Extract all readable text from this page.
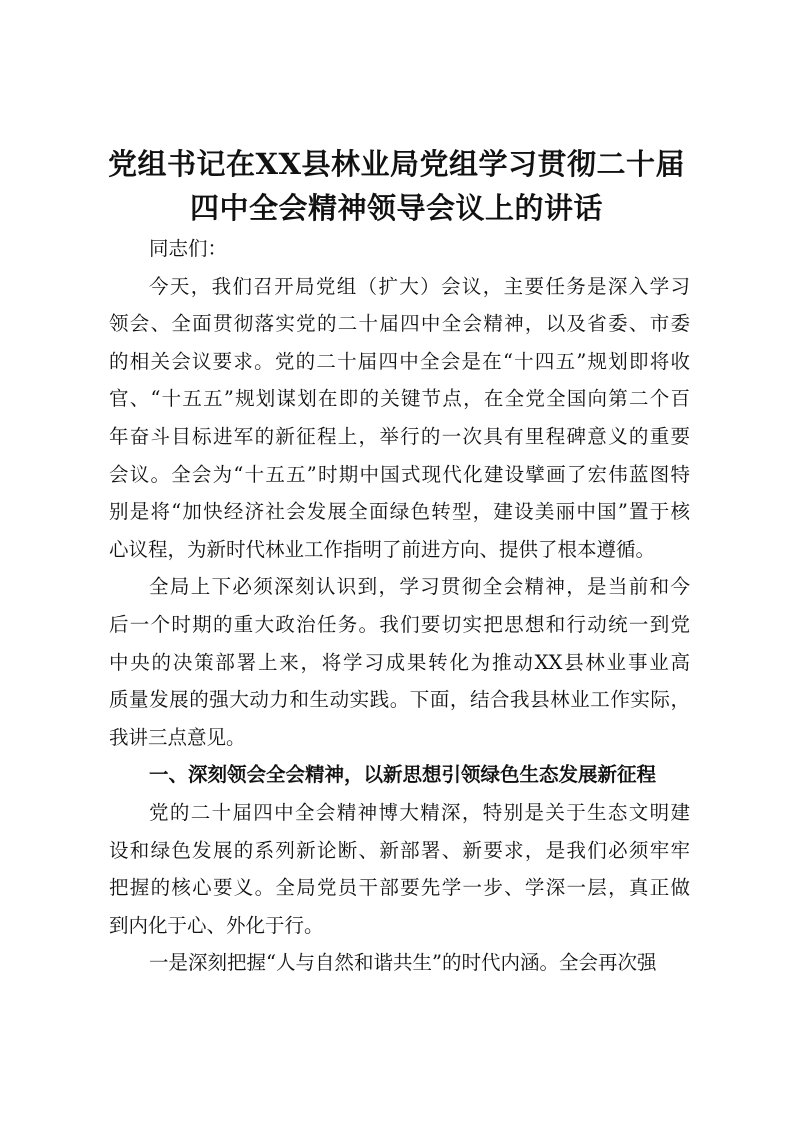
党组书记在XX县林业局党组学习贯彻二十届
四中全会精神领导会议上的讲话
同志们：
今天，我们召开局党组（扩大）会议，主要任务是深入学习
领会、全面贯彻落实党的二十届四中全会精神，以及省委、市委
的相关会议要求。党的二十届四中全会是在“十四五”规划即将收
官、“十五五”规划谋划在即的关键节点，在全党全国向第二个百
年奋斗目标进军的新征程上，举行的一次具有里程碑意义的重要
会议。全会为“十五五”时期中国式现代化建设擘画了宏伟蓝图特
别是将“加快经济社会发展全面绿色转型，建设美丽中国”置于核
心议程，为新时代林业工作指明了前进方向、提供了根本遵循。
全局上下必须深刻认识到，学习贯彻全会精神，是当前和今
后一个时期的重大政治任务。我们要切实把思想和行动统一到党
中央的决策部署上来，将学习成果转化为推动XX县林业事业高
质量发展的强大动力和生动实践。下面，结合我县林业工作实际，
我讲三点意见。
一、深刻领会全会精神，以新思想引领绿色生态发展新征程
党的二十届四中全会精神博大精深，特别是关于生态文明建
设和绿色发展的系列新论断、新部署、新要求，是我们必须牢牢
把握的核心要义。全局党员干部要先学一步、学深一层，真正做
到内化于心、外化于行。
一是深刻把握“人与自然和谐共生”的时代内涵。全会再次强
